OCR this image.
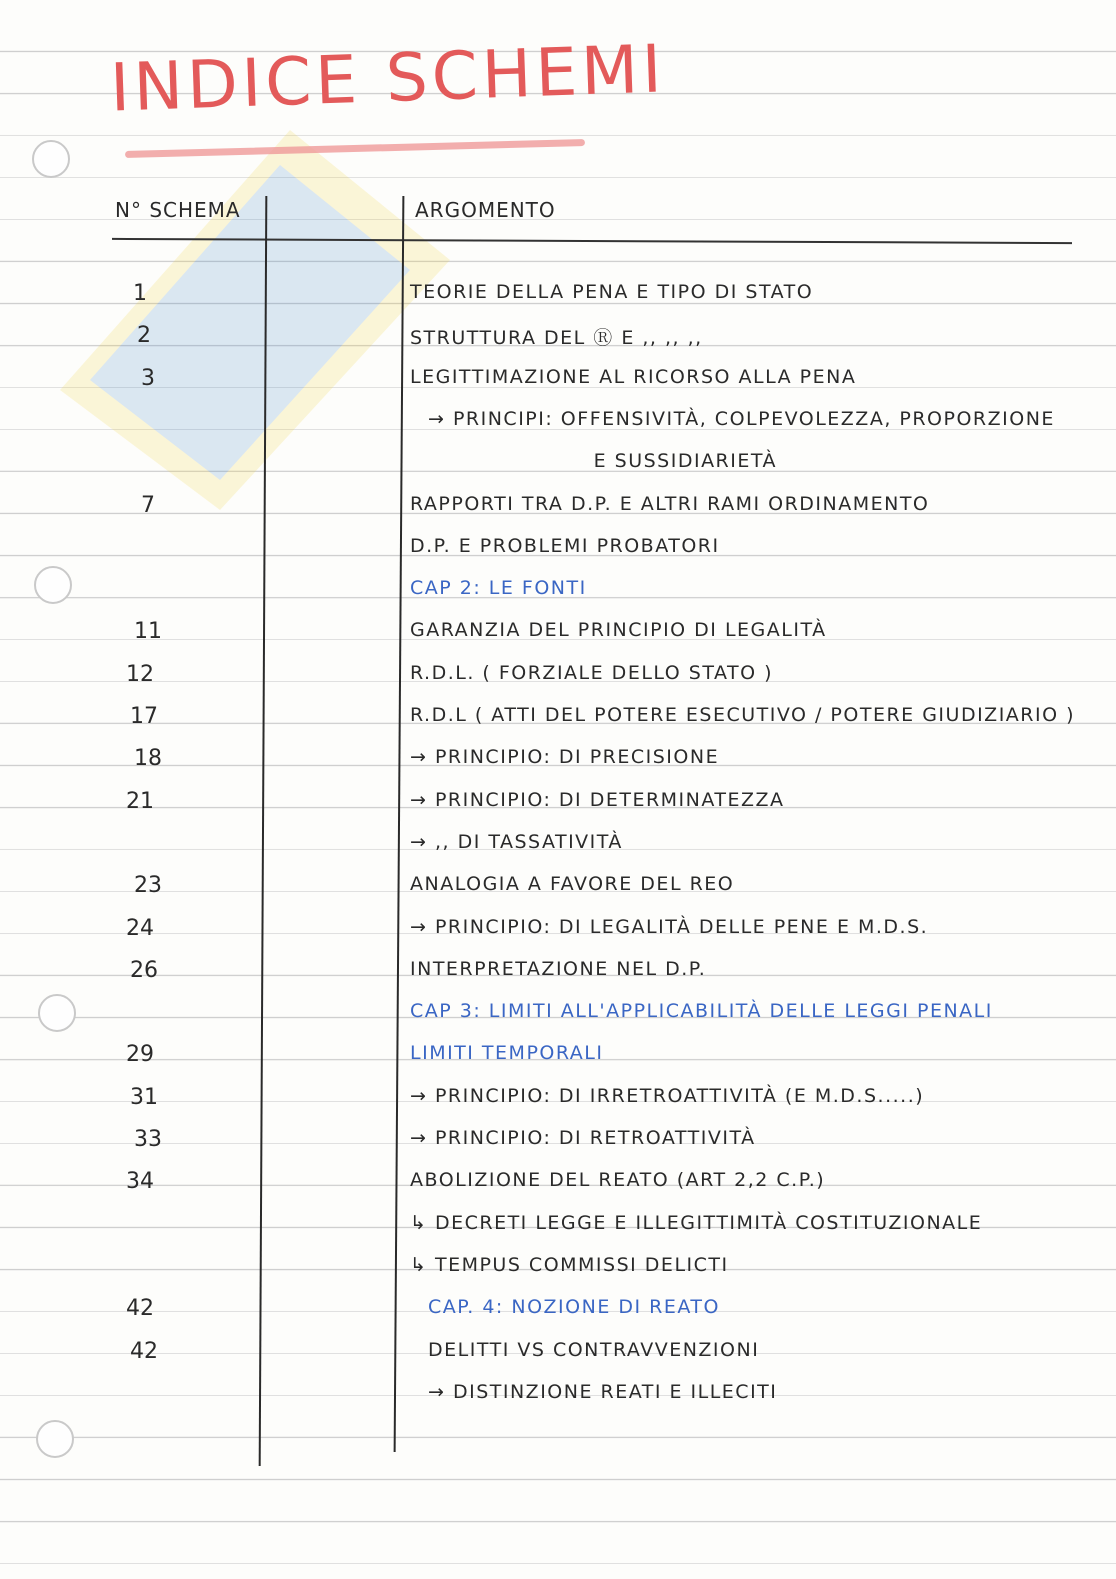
INDICE SCHEMI
N° SCHEMA	ARGOMENTO
1	TEORIE DELLA PENA E TIPO DI STATO
2	STRUTTURA DEL Ⓡ E ,, ,, ,,
3	LEGITTIMAZIONE AL RICORSO ALLA PENA
→ PRINCIPI: OFFENSIVITÀ, COLPEVOLEZZA, PROPORZIONE
E SUSSIDIARIETÀ
7	RAPPORTI TRA D.P. E ALTRI RAMI ORDINAMENTO
D.P. E PROBLEMI PROBATORI
CAP 2: LE FONTI
11	GARANZIA DEL PRINCIPIO DI LEGALITÀ
12	R.D.L. ( FORZIALE DELLO STATO )
17	R.D.L ( ATTI DEL POTERE ESECUTIVO / POTERE GIUDIZIARIO )
18	→ PRINCIPIO: DI PRECISIONE
21	→ PRINCIPIO: DI DETERMINATEZZA
→ ,, DI TASSATIVITÀ
23	ANALOGIA A FAVORE DEL REO
24	→ PRINCIPIO: DI LEGALITÀ DELLE PENE E M.D.S.
26	INTERPRETAZIONE NEL D.P.
CAP 3: LIMITI ALL'APPLICABILITÀ DELLE LEGGI PENALI
29	LIMITI TEMPORALI
31	→ PRINCIPIO: DI IRRETROATTIVITÀ (E M.D.S.....)
33	→ PRINCIPIO: DI RETROATTIVITÀ
34	ABOLIZIONE DEL REATO (ART 2,2 C.P.)
↳ DECRETI LEGGE E ILLEGITTIMITÀ COSTITUZIONALE
↳ TEMPUS COMMISSI DELICTI
42	CAP. 4: NOZIONE DI REATO
42	DELITTI VS CONTRAVVENZIONI
→ DISTINZIONE REATI E ILLECITI
